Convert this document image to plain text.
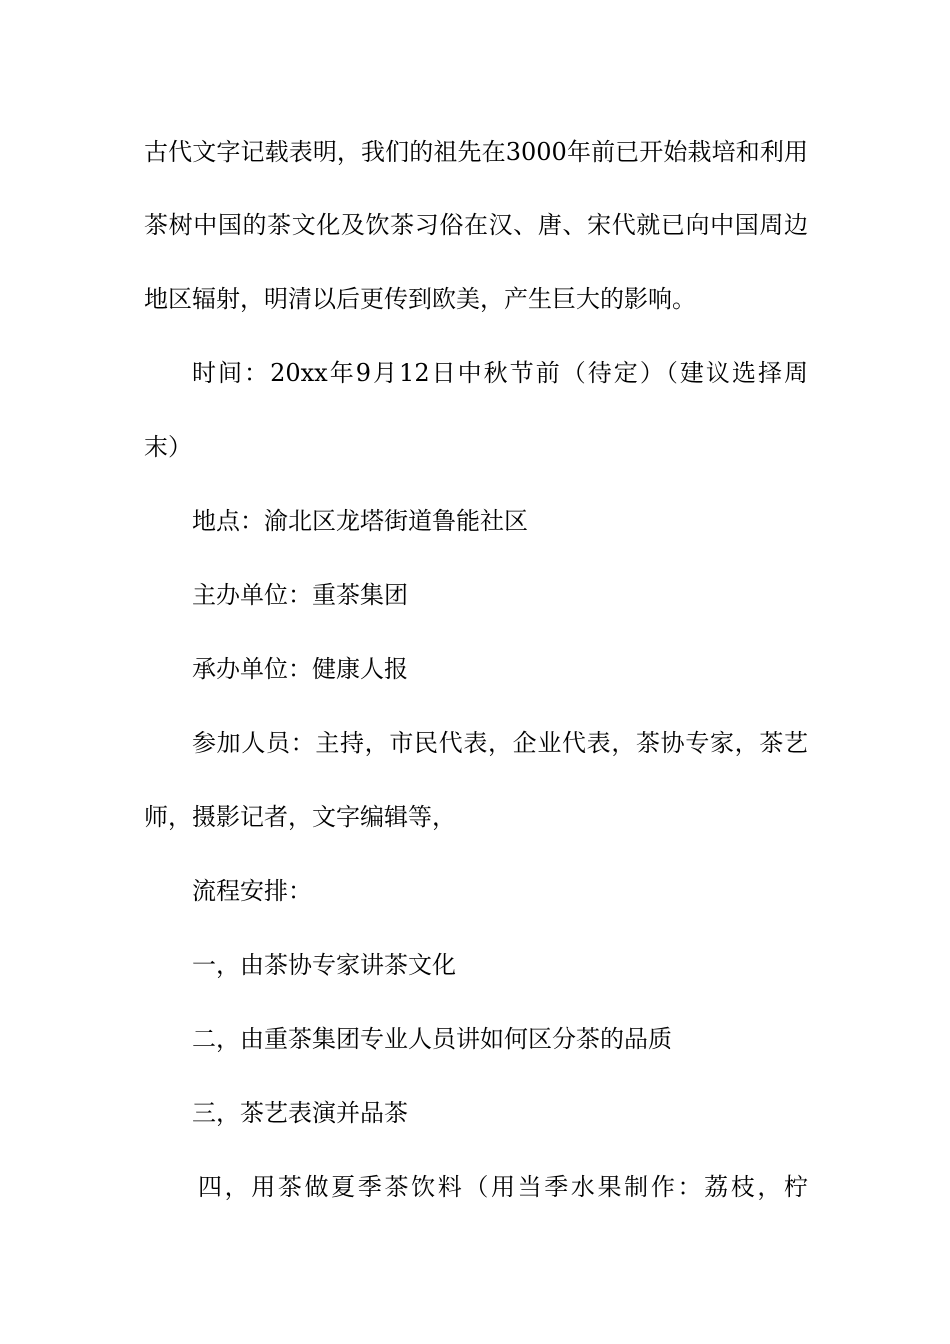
古代文字记载表明，我们的祖先在3000年前已开始栽培和利用
茶树中国的茶文化及饮茶习俗在汉、唐、宋代就已向中国周边
地区辐射，明清以后更传到欧美，产生巨大的影响。
时间：20xx年9月12日中秋节前（待定）（建议选择周
末）
地点：渝北区龙塔街道鲁能社区
主办单位：重茶集团
承办单位：健康人报
参加人员：主持，市民代表，企业代表，茶协专家，茶艺
师，摄影记者，文字编辑等，
流程安排：
一，由茶协专家讲茶文化
二，由重茶集团专业人员讲如何区分茶的品质
三，茶艺表演并品茶
四，用茶做夏季茶饮料（用当季水果制作：荔枝，柠
